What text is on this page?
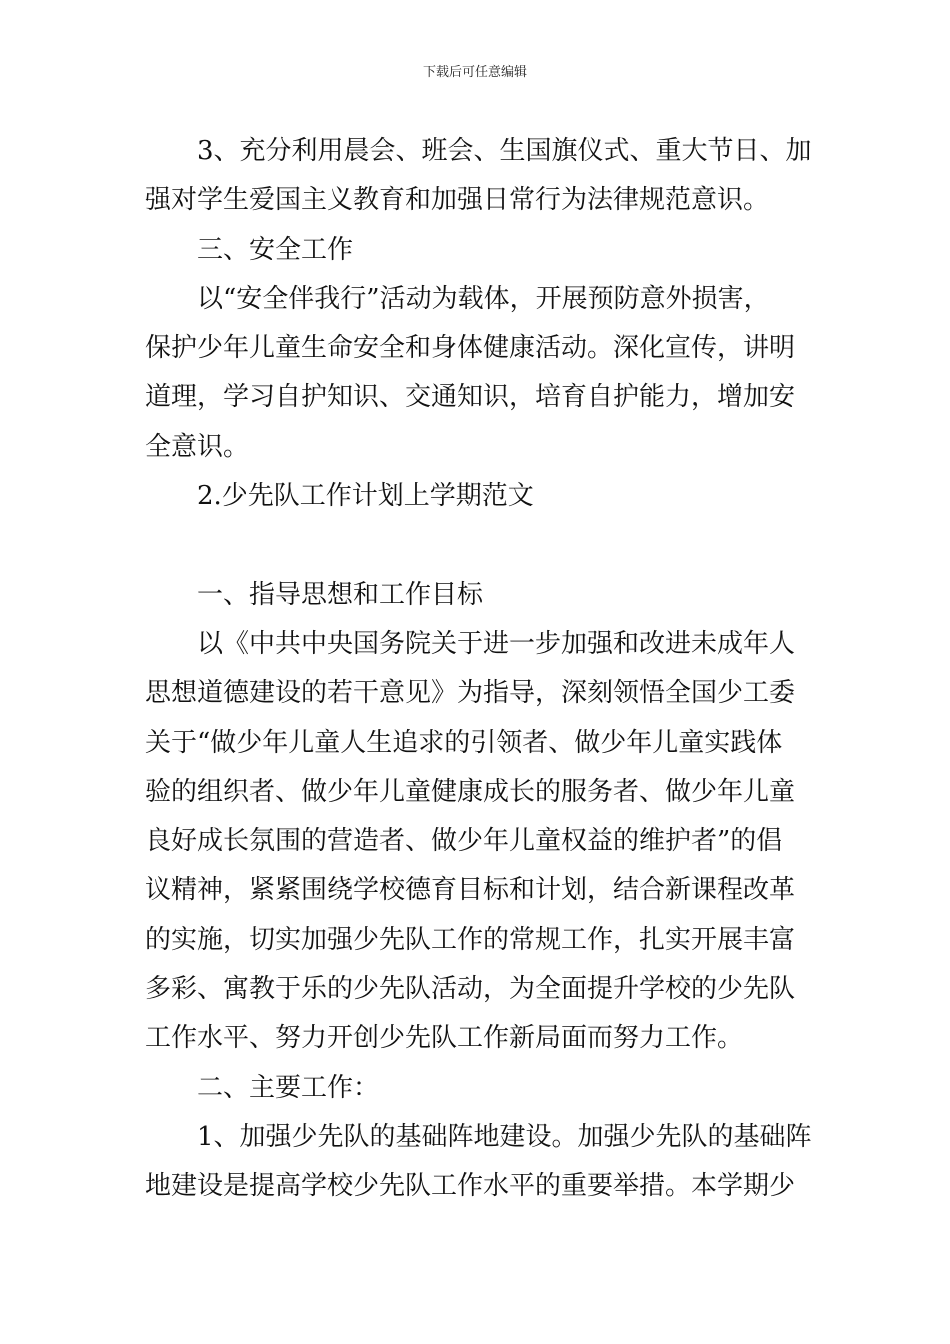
下载后可任意编辑
3、充分利用晨会、班会、生国旗仪式、重大节日、加
强对学生爱国主义教育和加强日常行为法律规范意识。
三、安全工作
以“安全伴我行”活动为载体，开展预防意外损害，
保护少年儿童生命安全和身体健康活动。深化宣传，讲明
道理，学习自护知识、交通知识，培育自护能力，增加安
全意识。
2.少先队工作计划上学期范文
一、指导思想和工作目标
以《中共中央国务院关于进一步加强和改进未成年人
思想道德建设的若干意见》为指导，深刻领悟全国少工委
关于“做少年儿童人生追求的引领者、做少年儿童实践体
验的组织者、做少年儿童健康成长的服务者、做少年儿童
良好成长氛围的营造者、做少年儿童权益的维护者”的倡
议精神，紧紧围绕学校德育目标和计划，结合新课程改革
的实施，切实加强少先队工作的常规工作，扎实开展丰富
多彩、寓教于乐的少先队活动，为全面提升学校的少先队
工作水平、努力开创少先队工作新局面而努力工作。
二、主要工作：
1、加强少先队的基础阵地建设。加强少先队的基础阵
地建设是提高学校少先队工作水平的重要举措。本学期少
